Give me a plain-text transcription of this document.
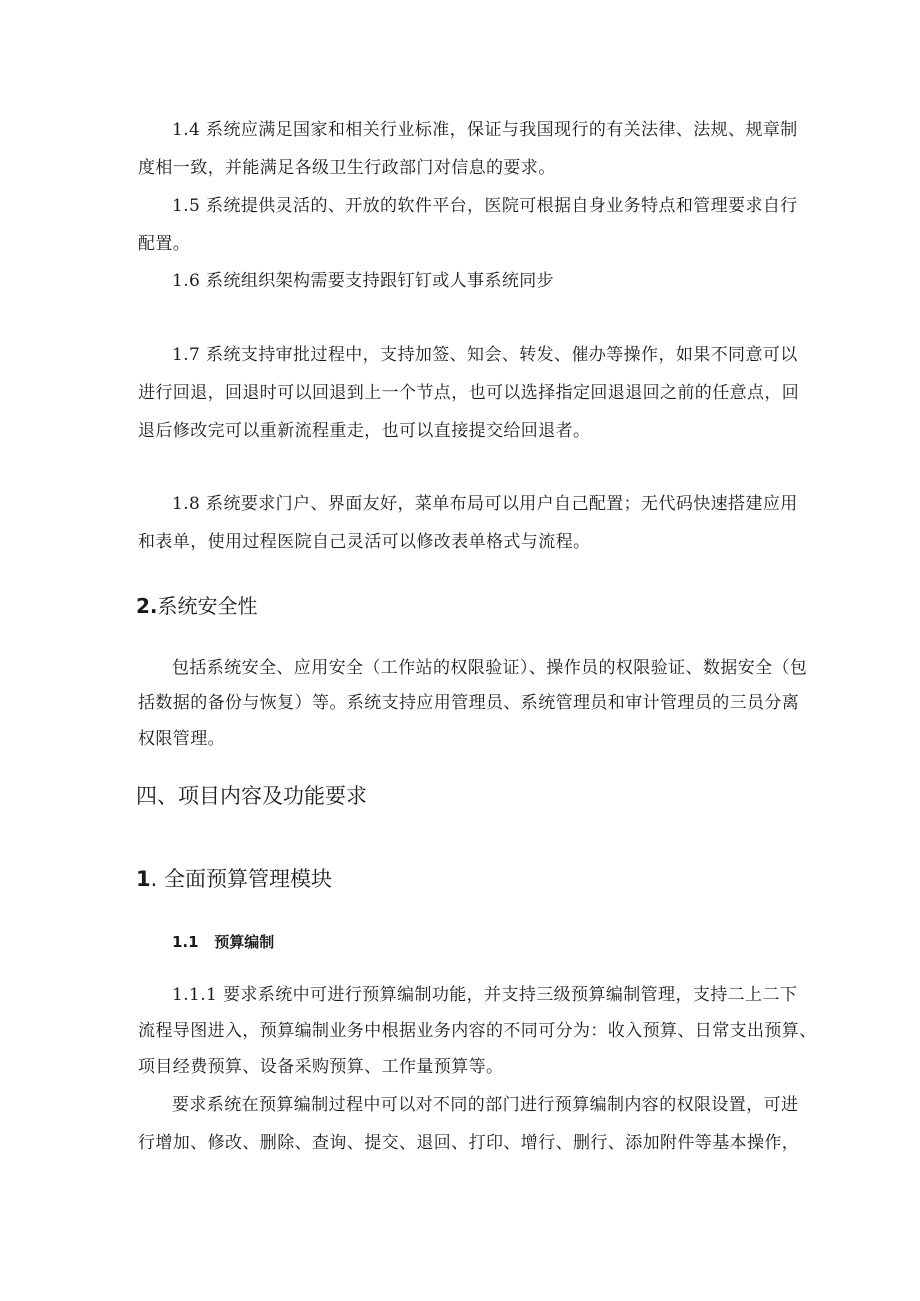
1.4 系统应满足国家和相关行业标准，保证与我国现行的有关法律、法规、规章制
度相一致，并能满足各级卫生行政部门对信息的要求。
1.5 系统提供灵活的、开放的软件平台，医院可根据自身业务特点和管理要求自行
配置。
1.6 系统组织架构需要支持跟钉钉或人事系统同步
1.7 系统支持审批过程中，支持加签、知会、转发、催办等操作，如果不同意可以
进行回退，回退时可以回退到上一个节点，也可以选择指定回退退回之前的任意点，回
退后修改完可以重新流程重走，也可以直接提交给回退者。
1.8 系统要求门户、界面友好，菜单布局可以用户自己配置；无代码快速搭建应用
和表单，使用过程医院自己灵活可以修改表单格式与流程。
2.系统安全性
包括系统安全、应用安全（工作站的权限验证）、操作员的权限验证、数据安全（包
括数据的备份与恢复）等。系统支持应用管理员、系统管理员和审计管理员的三员分离
权限管理。
四、项目内容及功能要求
1. 全面预算管理模块
1.1 预算编制
1.1.1 要求系统中可进行预算编制功能，并支持三级预算编制管理，支持二上二下
流程导图进入，预算编制业务中根据业务内容的不同可分为：收入预算、日常支出预算、
项目经费预算、设备采购预算、工作量预算等。
要求系统在预算编制过程中可以对不同的部门进行预算编制内容的权限设置，可进
行增加、修改、删除、查询、提交、退回、打印、增行、删行、添加附件等基本操作，
